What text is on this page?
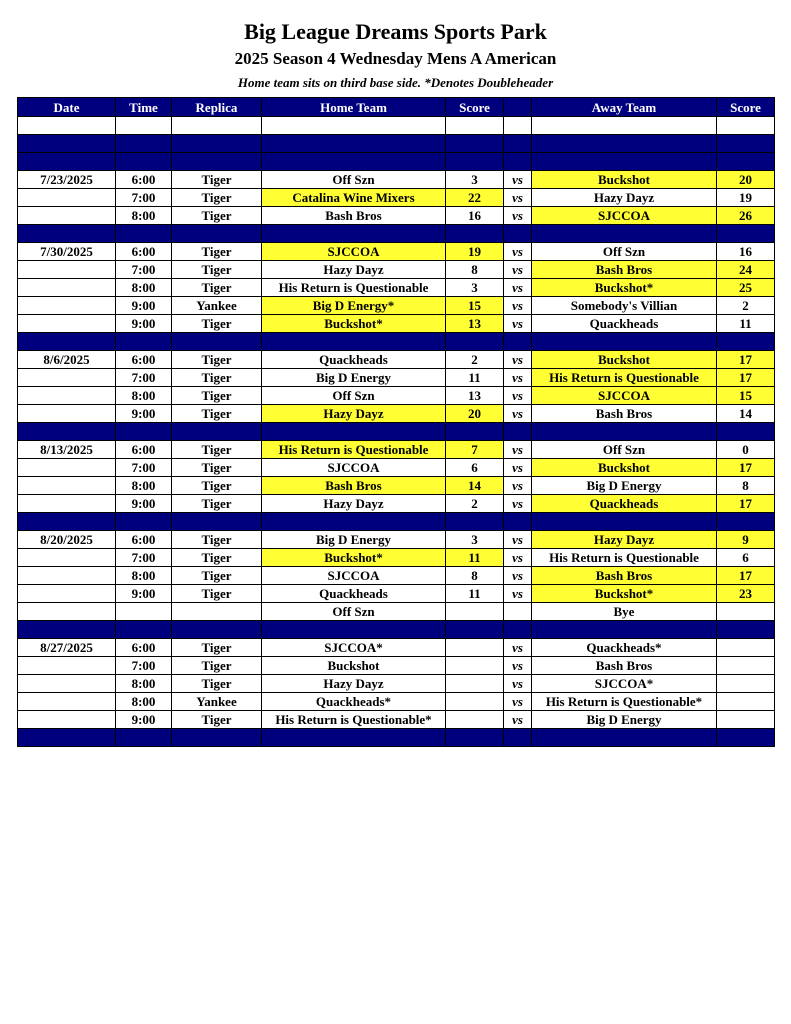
Big League Dreams Sports Park
2025 Season 4 Wednesday Mens A American
Home team sits on third base side. *Denotes Doubleheader
Date	Time	Replica	Home Team	Score		Away Team	Score

7/23/2025	6:00	Tiger	Off Szn	3	vs	Buckshot	20
	7:00	Tiger	Catalina Wine Mixers	22	vs	Hazy Dayz	19
	8:00	Tiger	Bash Bros	16	vs	SJCCOA	26

7/30/2025	6:00	Tiger	SJCCOA	19	vs	Off Szn	16
	7:00	Tiger	Hazy Dayz	8	vs	Bash Bros	24
	8:00	Tiger	His Return is Questionable	3	vs	Buckshot*	25
	9:00	Yankee	Big D Energy*	15	vs	Somebody's Villian	2
	9:00	Tiger	Buckshot*	13	vs	Quackheads	11

8/6/2025	6:00	Tiger	Quackheads	2	vs	Buckshot	17
	7:00	Tiger	Big D Energy	11	vs	His Return is Questionable	17
	8:00	Tiger	Off Szn	13	vs	SJCCOA	15
	9:00	Tiger	Hazy Dayz	20	vs	Bash Bros	14

8/13/2025	6:00	Tiger	His Return is Questionable	7	vs	Off Szn	0
	7:00	Tiger	SJCCOA	6	vs	Buckshot	17
	8:00	Tiger	Bash Bros	14	vs	Big D Energy	8
	9:00	Tiger	Hazy Dayz	2	vs	Quackheads	17

8/20/2025	6:00	Tiger	Big D Energy	3	vs	Hazy Dayz	9
	7:00	Tiger	Buckshot*	11	vs	His Return is Questionable	6
	8:00	Tiger	SJCCOA	8	vs	Bash Bros	17
	9:00	Tiger	Quackheads	11	vs	Buckshot*	23
			Off Szn			Bye	

8/27/2025	6:00	Tiger	SJCCOA*		vs	Quackheads*	
	7:00	Tiger	Buckshot		vs	Bash Bros	
	8:00	Tiger	Hazy Dayz		vs	SJCCOA*	
	8:00	Yankee	Quackheads*		vs	His Return is Questionable*	
	9:00	Tiger	His Return is Questionable*		vs	Big D Energy	
